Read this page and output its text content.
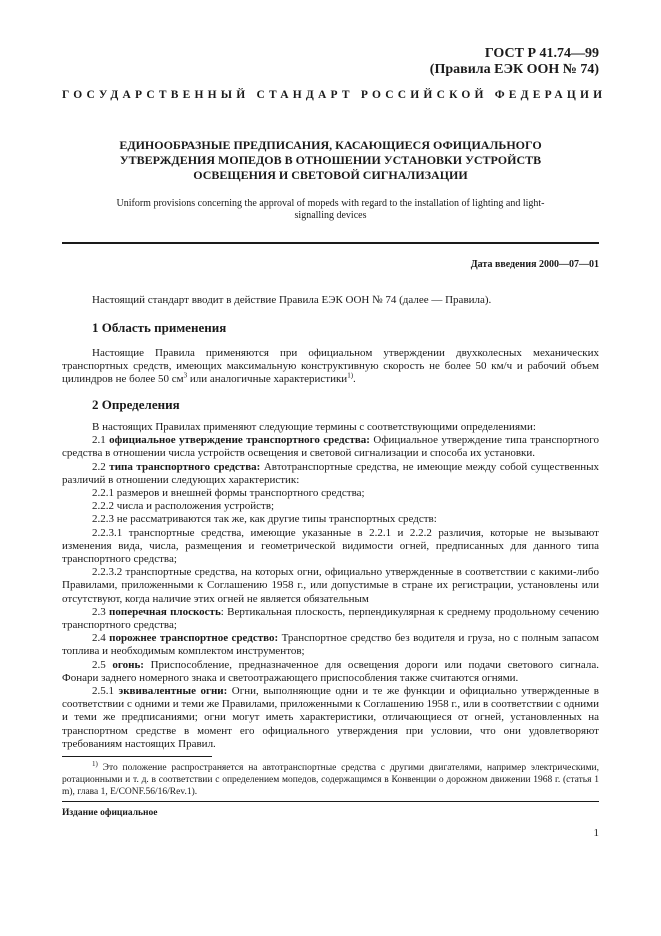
ГОСТ Р 41.74—99
(Правила ЕЭК ООН № 74)
ГОСУДАРСТВЕННЫЙ СТАНДАРТ РОССИЙСКОЙ ФЕДЕРАЦИИ
ЕДИНООБРАЗНЫЕ ПРЕДПИСАНИЯ, КАСАЮЩИЕСЯ ОФИЦИАЛЬНОГО УТВЕРЖДЕНИЯ МОПЕДОВ В ОТНОШЕНИИ УСТАНОВКИ УСТРОЙСТВ ОСВЕЩЕНИЯ И СВЕТОВОЙ СИГНАЛИЗАЦИИ
Uniform provisions concerning the approval of mopeds with regard to the installation of lighting and light-signalling devices
Дата введения 2000—07—01

Настоящий стандарт вводит в действие Правила ЕЭК ООН № 74 (далее — Правила).

1 Область применения

Настоящие Правила применяются при официальном утверждении двухколесных механических транспортных средств, имеющих максимальную конструктивную скорость не более 50 км/ч и рабочий объем цилиндров не более 50 $см^3$ или аналогичные характеристики$^{1)}$.

2 Определения

В настоящих Правилах применяют следующие термины с соответствующими определениями:

2.1 официальное утверждение транспортного средства: Официальное утверждение типа транспортного средства в отношении числа устройств освещения и световой сигнализации и способа их установки.

2.2 типа транспортного средства: Автотранспортные средства, не имеющие между собой существенных различий в отношении следующих характеристик:

2.2.1 размеров и внешней формы транспортного средства;

2.2.2 числа и расположения устройств;

2.2.3 не рассматриваются так же, как другие типы транспортных средств:

2.2.3.1 транспортные средства, имеющие указанные в 2.2.1 и 2.2.2 различия, которые не вызывают изменения вида, числа, размещения и геометрической видимости огней, предписанных для данного типа транспортного средства;

2.2.3.2 транспортные средства, на которых огни, официально утвержденные в соответствии с какими-либо Правилами, приложенными к Соглашению 1958 г., или допустимые в стране их регистрации, установлены или отсутствуют, когда наличие этих огней не является обязательным

2.3 поперечная плоскость: Вертикальная плоскость, перпендикулярная к среднему продольному сечению транспортного средства;

2.4 порожнее транспортное средство: Транспортное средство без водителя и груза, но с полным запасом топлива и необходимым комплектом инструментов;

2.5 огонь: Приспособление, предназначенное для освещения дороги или подачи светового сигнала. Фонари заднего номерного знака и светоотражающего приспособления также считаются огнями.

2.5.1 эквивалентные огни: Огни, выполняющие одни и те же функции и официально утвержденные в соответствии с одними и теми же Правилами, приложенными к Соглашению 1958 г., или в соответствии с одними и теми же предписаниями; огни могут иметь характеристики, отличающиеся от огней, установленных на транспортном средстве в момент его официального утверждения при условии, что они удовлетворяют требованиям настоящих Правил.

$^{1)}$ Это положение распространяется на автотранспортные средства с другими двигателями, например электрическими, ротационными и т. д. в соответствии с определением мопедов, содержащимся в Конвенции о дорожном движении 1968 г. (статья 1 m), глава 1, E/CONF.56/16/Rev.1).

Издание официальное
1
